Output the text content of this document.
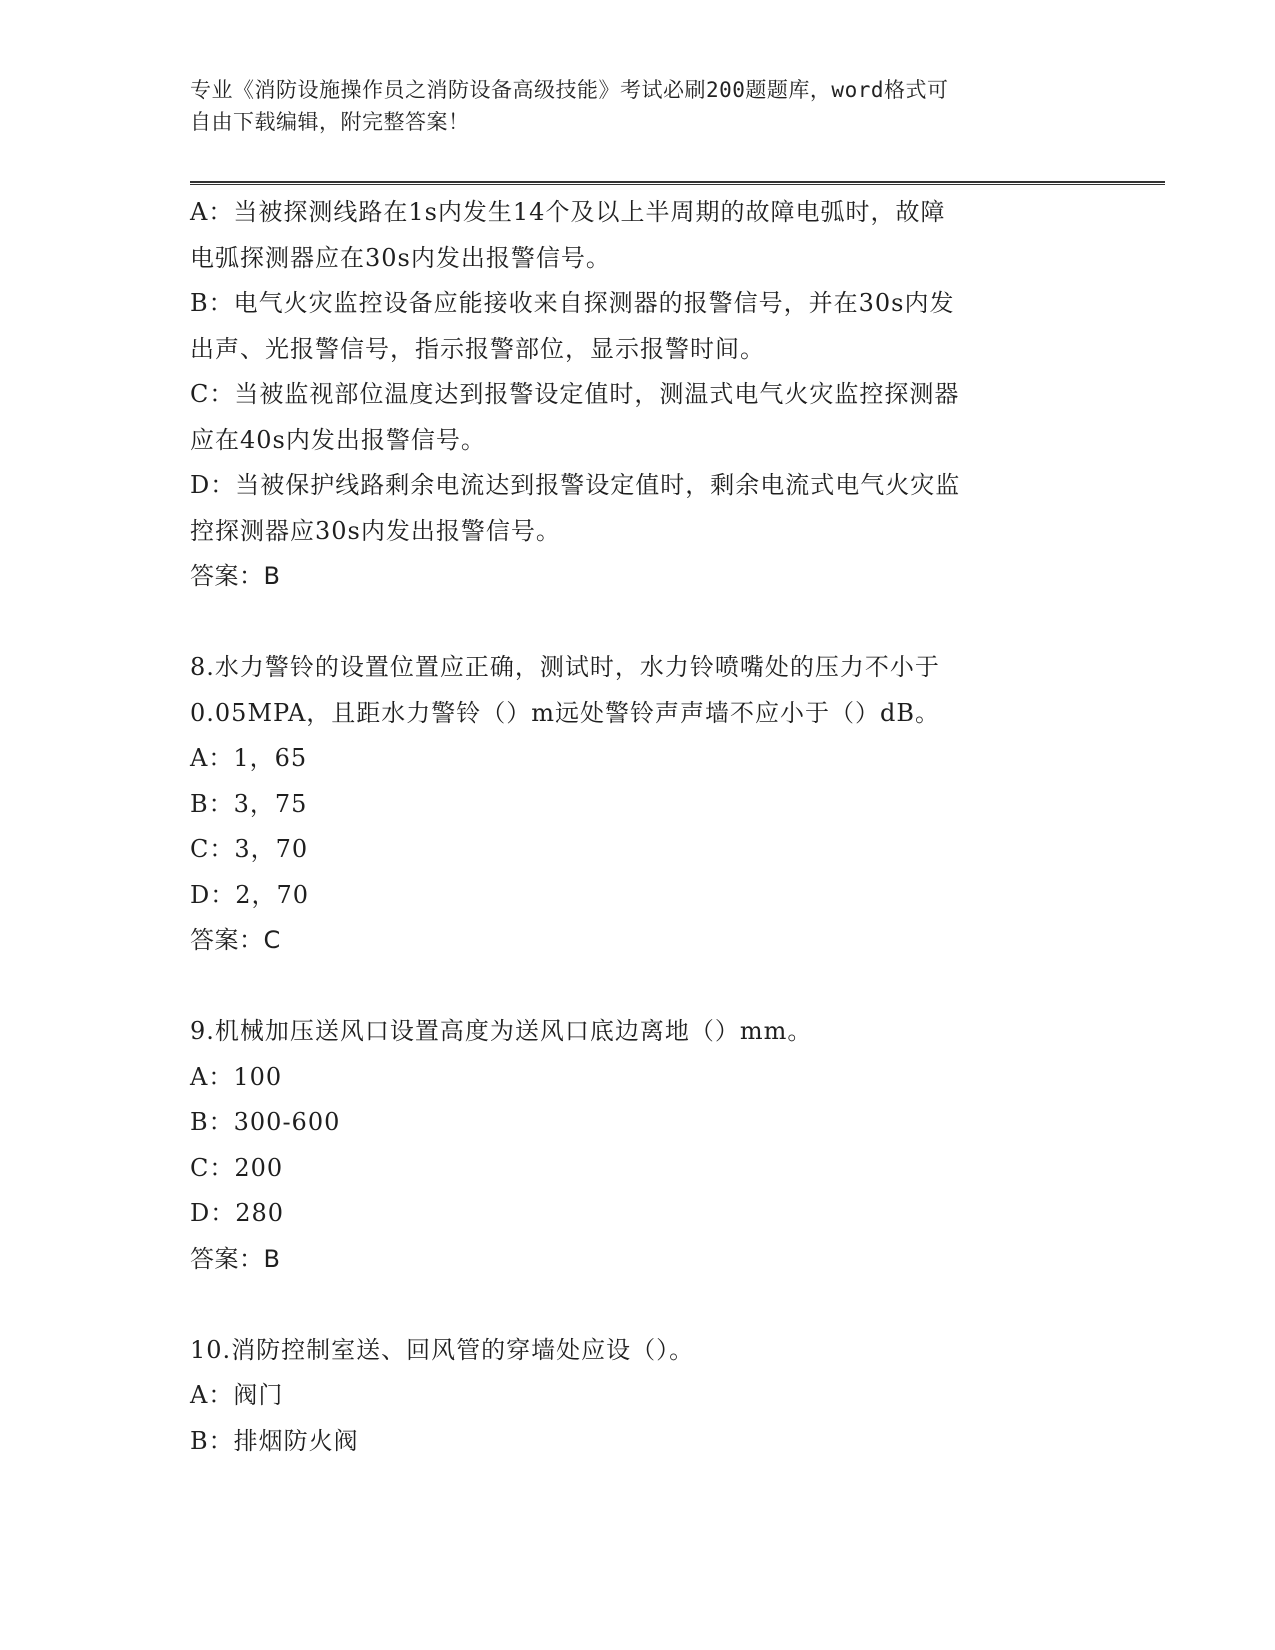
专业《消防设施操作员之消防设备高级技能》考试必刷200题题库，word格式可
自由下载编辑，附完整答案！
A：当被探测线路在1s内发生14个及以上半周期的故障电弧时，故障
电弧探测器应在30s内发出报警信号。
B：电气火灾监控设备应能接收来自探测器的报警信号，并在30s内发
出声、光报警信号，指示报警部位，显示报警时间。
C：当被监视部位温度达到报警设定值时，测温式电气火灾监控探测器
应在40s内发出报警信号。
D：当被保护线路剩余电流达到报警设定值时，剩余电流式电气火灾监
控探测器应30s内发出报警信号。
答案：B
8.水力警铃的设置位置应正确，测试时，水力铃喷嘴处的压力不小于
0.05MPA，且距水力警铃（）m远处警铃声声墙不应小于（）dB。
A：1，65
B：3，75
C：3，70
D：2，70
答案：C
9.机械加压送风口设置高度为送风口底边离地（）mm。
A：100
B：300-600
C：200
D：280
答案：B
10.消防控制室送、回风管的穿墙处应设（）。
A：阀门
B：排烟防火阀
